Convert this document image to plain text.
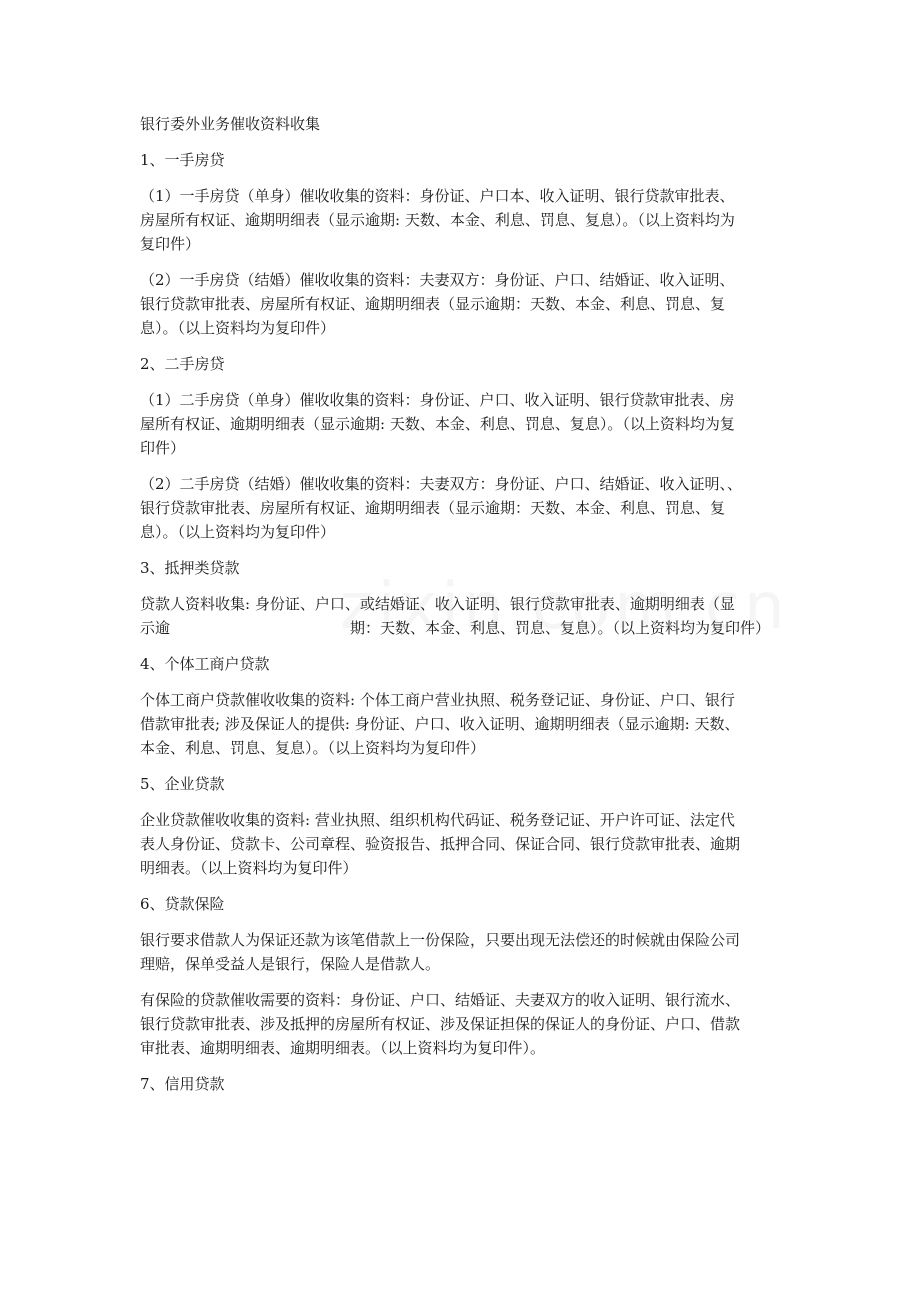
银行委外业务催收资料收集

1、一手房贷

（1）一手房贷（单身）催收收集的资料：身份证、户口本、收入证明、银行贷款审批表、

房屋所有权证、逾期明细表（显示逾期: 天数、本金、利息、罚息、复息）。（以上资料均为

复印件）

（2）一手房贷（结婚）催收收集的资料：夫妻双方：身份证、户口、结婚证、收入证明、

银行贷款审批表、房屋所有权证、逾期明细表（显示逾期：天数、本金、利息、罚息、复

息）。（以上资料均为复印件）

2、二手房贷

（1）二手房贷（单身）催收收集的资料：身份证、户口、收入证明、银行贷款审批表、房

屋所有权证、逾期明细表（显示逾期: 天数、本金、利息、罚息、复息）。（以上资料均为复

印件）

（2）二手房贷（结婚）催收收集的资料：夫妻双方：身份证、户口、结婚证、收入证明、、

银行贷款审批表、房屋所有权证、逾期明细表（显示逾期：天数、本金、利息、罚息、复

息）。（以上资料均为复印件）

3、抵押类贷款

贷款人资料收集: 身份证、户口、或结婚证、收入证明、银行贷款审批表、逾期明细表（显

示逾	期：天数、本金、利息、罚息、复息）。（以上资料均为复印件）

4、个体工商户贷款

个体工商户贷款催收收集的资料: 个体工商户营业执照、税务登记证、身份证、户口、银行

借款审批表; 涉及保证人的提供: 身份证、户口、收入证明、逾期明细表（显示逾期: 天数、

本金、利息、罚息、复息）。（以上资料均为复印件）

5、企业贷款

企业贷款催收收集的资料: 营业执照、组织机构代码证、税务登记证、开户许可证、法定代

表人身份证、贷款卡、公司章程、验资报告、抵押合同、保证合同、银行贷款审批表、逾期

明细表。（以上资料均为复印件）

6、贷款保险

银行要求借款人为保证还款为该笔借款上一份保险，只要出现无法偿还的时候就由保险公司

理赔，保单受益人是银行，保险人是借款人。

有保险的贷款催收需要的资料：身份证、户口、结婚证、夫妻双方的收入证明、银行流水、

银行贷款审批表、涉及抵押的房屋所有权证、涉及保证担保的保证人的身份证、户口、借款

审批表、逾期明细表、逾期明细表。（以上资料均为复印件）。

7、信用贷款
